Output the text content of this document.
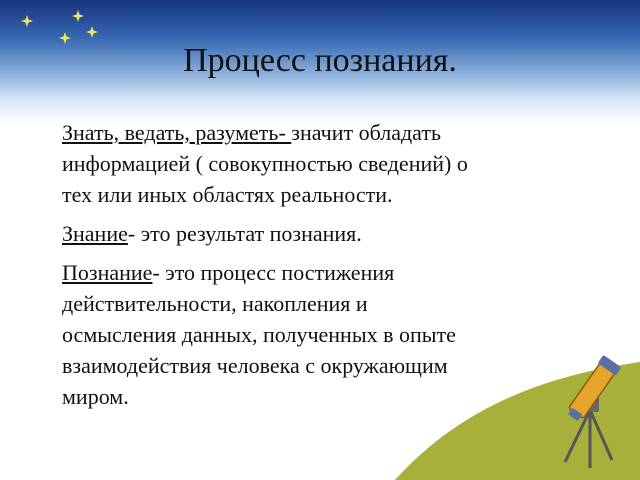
Процесс познания.

Знать, ведать, разуметь- значит обладать
информацией ( совокупностью сведений) о
тех или иных областях реальности.

Знание- это результат познания.

Познание- это процесс постижения
действительности, накопления и
осмысления данных, полученных в опыте
взаимодействия человека с окружающим
миром.
